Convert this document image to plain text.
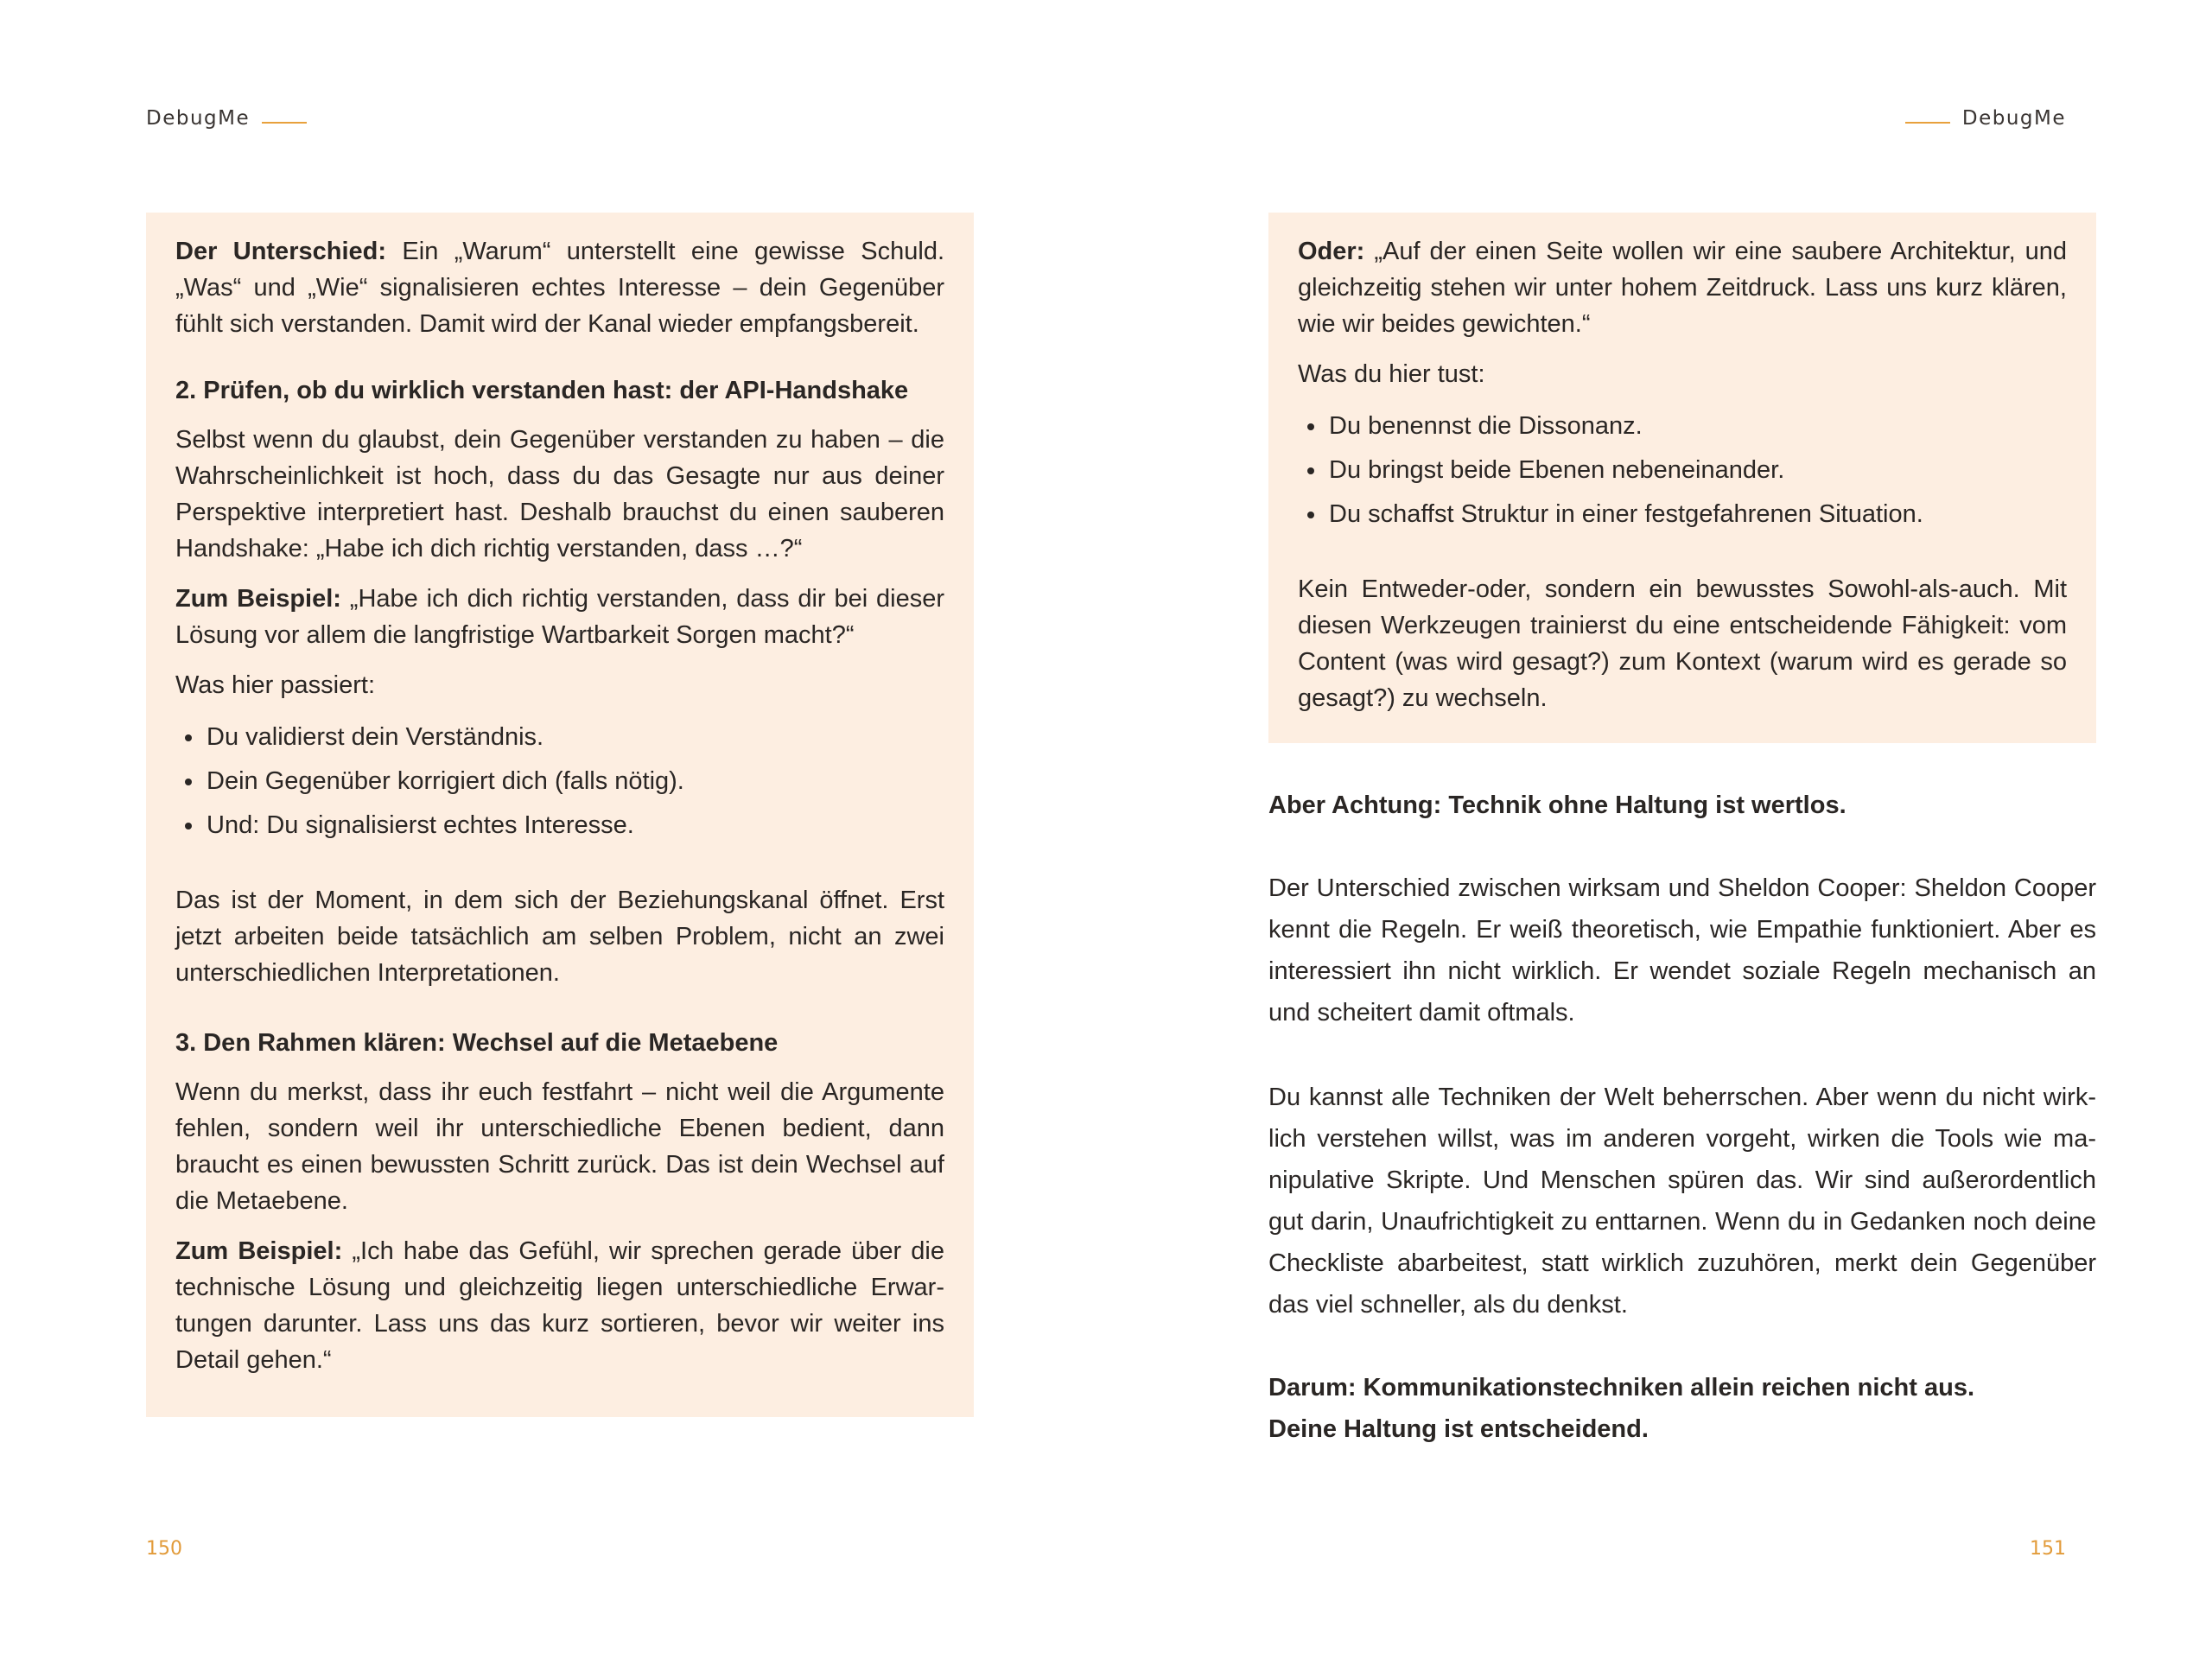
DebugMe

Der Unterschied: Ein „Warum“ unterstellt eine gewisse Schuld. „Was“ und „Wie“ signalisieren echtes Interesse – dein Gegenüber fühlt sich verstanden. Damit wird der Kanal wieder empfangsbereit.

2. Prüfen, ob du wirklich verstanden hast: der API-Handshake

Selbst wenn du glaubst, dein Gegenüber verstanden zu haben – die Wahrscheinlichkeit ist hoch, dass du das Gesagte nur aus deiner Perspektive interpretiert hast. Deshalb brauchst du einen sauberen Handshake: „Habe ich dich richtig verstanden, dass …?“

Zum Beispiel: „Habe ich dich richtig verstanden, dass dir bei dieser Lösung vor allem die langfristige Wartbarkeit Sorgen macht?“

Was hier passiert:

• Du validierst dein Verständnis.
• Dein Gegenüber korrigiert dich (falls nötig).
• Und: Du signalisierst echtes Interesse.

Das ist der Moment, in dem sich der Beziehungskanal öffnet. Erst jetzt arbeiten beide tatsächlich am selben Problem, nicht an zwei unterschiedlichen Interpretationen.

3. Den Rahmen klären: Wechsel auf die Metaebene

Wenn du merkst, dass ihr euch festfahrt – nicht weil die Argumente fehlen, sondern weil ihr unterschiedliche Ebenen bedient, dann braucht es einen bewussten Schritt zurück. Das ist dein Wechsel auf die Metaebene.

Zum Beispiel: „Ich habe das Gefühl, wir sprechen gerade über die technische Lösung und gleichzeitig liegen unterschiedliche Erwartungen darunter. Lass uns das kurz sortieren, bevor wir weiter ins Detail gehen.“

150
DebugMe

Oder: „Auf der einen Seite wollen wir eine saubere Architektur, und gleichzeitig stehen wir unter hohem Zeitdruck. Lass uns kurz klären, wie wir beides gewichten.“

Was du hier tust:

• Du benennst die Dissonanz.
• Du bringst beide Ebenen nebeneinander.
• Du schaffst Struktur in einer festgefahrenen Situation.

Kein Entweder-oder, sondern ein bewusstes Sowohl-als-auch. Mit diesen Werkzeugen trainierst du eine entscheidende Fähigkeit: vom Content (was wird gesagt?) zum Kontext (warum wird es gerade so gesagt?) zu wechseln.

Aber Achtung: Technik ohne Haltung ist wertlos.

Der Unterschied zwischen wirksam und Sheldon Cooper: Sheldon Cooper kennt die Regeln. Er weiß theoretisch, wie Empathie funktioniert. Aber es interessiert ihn nicht wirklich. Er wendet soziale Regeln mechanisch an und scheitert damit oftmals.

Du kannst alle Techniken der Welt beherrschen. Aber wenn du nicht wirklich verstehen willst, was im anderen vorgeht, wirken die Tools wie manipulative Skripte. Und Menschen spüren das. Wir sind außerordentlich gut darin, Unaufrichtigkeit zu enttarnen. Wenn du in Gedanken noch deine Checkliste abarbeitest, statt wirklich zuzuhören, merkt dein Gegenüber das viel schneller, als du denkst.

Darum: Kommunikationstechniken allein reichen nicht aus.

Deine Haltung ist entscheidend.

151
